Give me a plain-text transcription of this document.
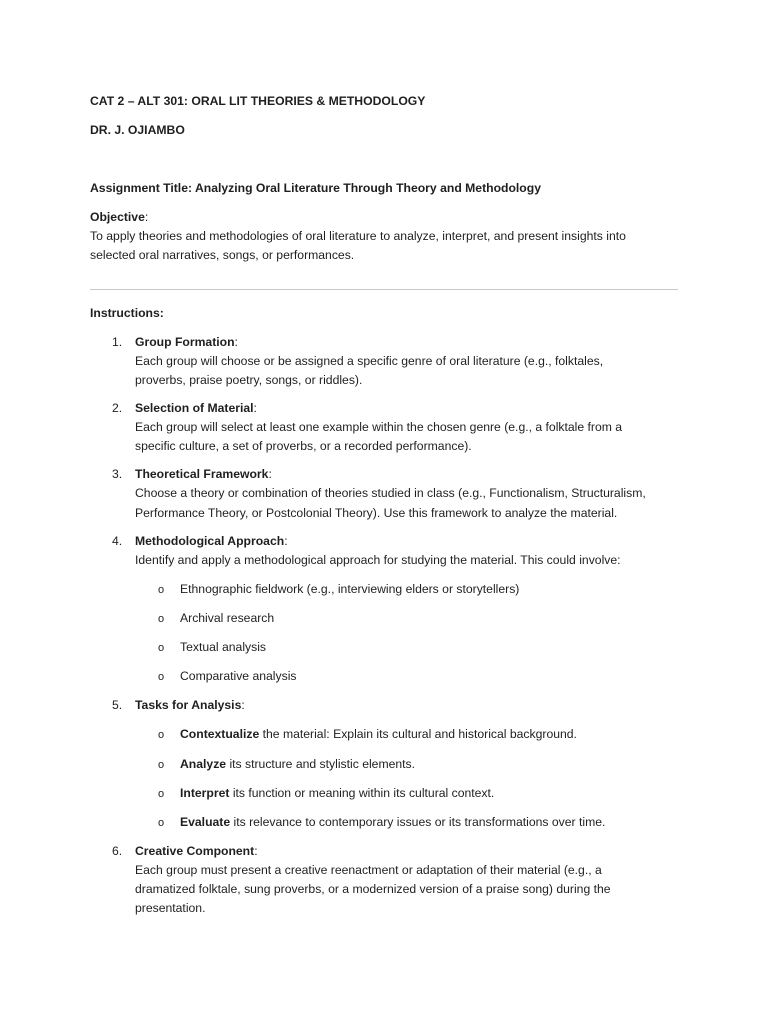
CAT 2 – ALT 301: ORAL LIT THEORIES & METHODOLOGY
DR. J. OJIAMBO
Assignment Title: Analyzing Oral Literature Through Theory and Methodology
Objective:
To apply theories and methodologies of oral literature to analyze, interpret, and present insights into
selected oral narratives, songs, or performances.
Instructions:
1.	Group Formation:
Each group will choose or be assigned a specific genre of oral literature (e.g., folktales,
proverbs, praise poetry, songs, or riddles).
2.	Selection of Material:
Each group will select at least one example within the chosen genre (e.g., a folktale from a
specific culture, a set of proverbs, or a recorded performance).
3.	Theoretical Framework:
Choose a theory or combination of theories studied in class (e.g., Functionalism, Structuralism,
Performance Theory, or Postcolonial Theory). Use this framework to analyze the material.
4.	Methodological Approach:
Identify and apply a methodological approach for studying the material. This could involve:
o Ethnographic fieldwork (e.g., interviewing elders or storytellers)
o Archival research
o Textual analysis
o Comparative analysis
5.	Tasks for Analysis:
o Contextualize the material: Explain its cultural and historical background.
o Analyze its structure and stylistic elements.
o Interpret its function or meaning within its cultural context.
o Evaluate its relevance to contemporary issues or its transformations over time.
6.	Creative Component:
Each group must present a creative reenactment or adaptation of their material (e.g., a
dramatized folktale, sung proverbs, or a modernized version of a praise song) during the
presentation.
